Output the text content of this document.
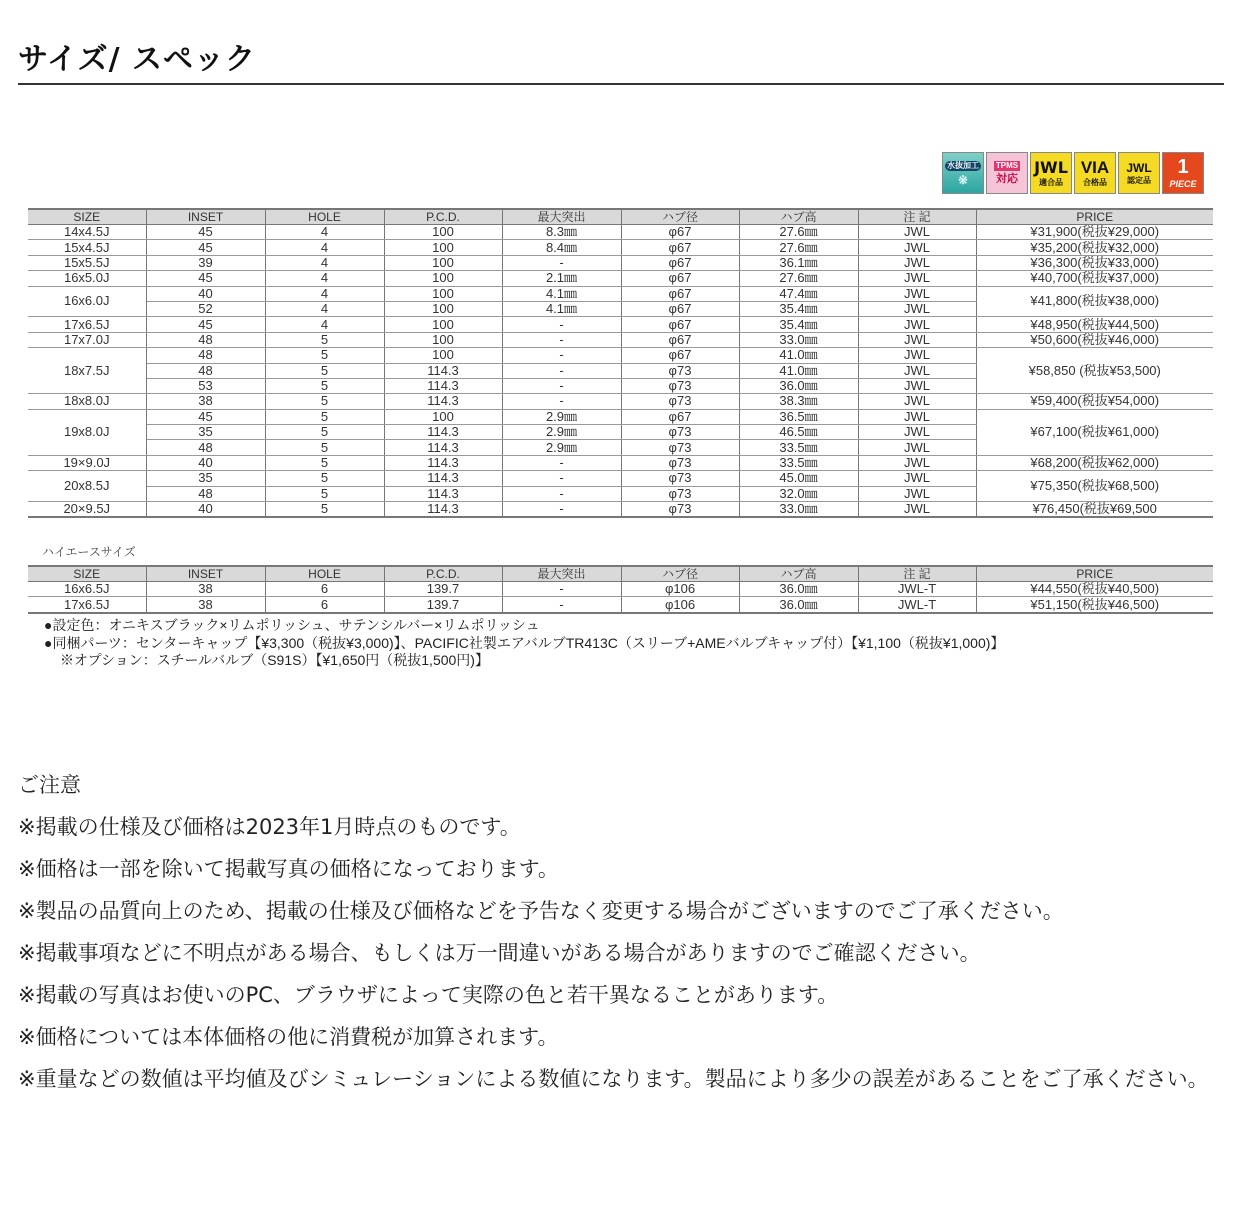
サイズ/ スペック
水抜加工
※
TPMS
対応
JWL
適合品
VIA
合格品
JWL
認定品
1
PIECE
SIZE	INSET	HOLE	P.C.D.	最大突出	ハブ径	ハブ高	注 記	PRICE
14x4.5J	45	4	100	8.3㎜	φ67	27.6㎜	JWL	¥31,900(税抜¥29,000)
15x4.5J	45	4	100	8.4㎜	φ67	27.6㎜	JWL	¥35,200(税抜¥32,000)
15x5.5J	39	4	100	-	φ67	36.1㎜	JWL	¥36,300(税抜¥33,000)
16x5.0J	45	4	100	2.1㎜	φ67	27.6㎜	JWL	¥40,700(税抜¥37,000)
16x6.0J	40	4	100	4.1㎜	φ67	47.4㎜	JWL	¥41,800(税抜¥38,000)
	52	4	100	4.1㎜	φ67	35.4㎜	JWL	
17x6.5J	45	4	100	-	φ67	35.4㎜	JWL	¥48,950(税抜¥44,500)
17x7.0J	48	5	100	-	φ67	33.0㎜	JWL	¥50,600(税抜¥46,000)
18x7.5J	48	5	100	-	φ67	41.0㎜	JWL	¥58,850 (税抜¥53,500)
	48	5	114.3	-	φ73	41.0㎜	JWL	
	53	5	114.3	-	φ73	36.0㎜	JWL	
18x8.0J	38	5	114.3	-	φ73	38.3㎜	JWL	¥59,400(税抜¥54,000)
19x8.0J	45	5	100	2.9㎜	φ67	36.5㎜	JWL	¥67,100(税抜¥61,000)
	35	5	114.3	2.9㎜	φ73	46.5㎜	JWL	
	48	5	114.3	2.9㎜	φ73	33.5㎜	JWL	
19×9.0J	40	5	114.3	-	φ73	33.5㎜	JWL	¥68,200(税抜¥62,000)
20x8.5J	35	5	114.3	-	φ73	45.0㎜	JWL	¥75,350(税抜¥68,500)
	48	5	114.3	-	φ73	32.0㎜	JWL	
20×9.5J	40	5	114.3	-	φ73	33.0㎜	JWL	¥76,450(税抜¥69,500

ハイエースサイズ

SIZE	INSET	HOLE	P.C.D.	最大突出	ハブ径	ハブ高	注 記	PRICE
16x6.5J	38	6	139.7	-	φ106	36.0㎜	JWL-T	¥44,550(税抜¥40,500)
17x6.5J	38	6	139.7	-	φ106	36.0㎜	JWL-T	¥51,150(税抜¥46,500)
●設定色：オニキスブラック×リムポリッシュ、サテンシルバー×リムポリッシュ
●同梱パーツ：センターキャップ【¥3,300（税抜¥3,000)】、PACIFIC社製エアバルブTR413C（スリーブ+AMEバルブキャップ付）【¥1,100（税抜¥1,000)】
※オプション：スチールバルブ（S91S）【¥1,650円（税抜1,500円)】
ご注意
※掲載の仕様及び価格は2023年1月時点のものです。
※価格は一部を除いて掲載写真の価格になっております。
※製品の品質向上のため、掲載の仕様及び価格などを予告なく変更する場合がございますのでご了承ください。
※掲載事項などに不明点がある場合、もしくは万一間違いがある場合がありますのでご確認ください。
※掲載の写真はお使いのPC、ブラウザによって実際の色と若干異なることがあります。
※価格については本体価格の他に消費税が加算されます。
※重量などの数値は平均値及びシミュレーションによる数値になります。製品により多少の誤差があることをご了承ください。
